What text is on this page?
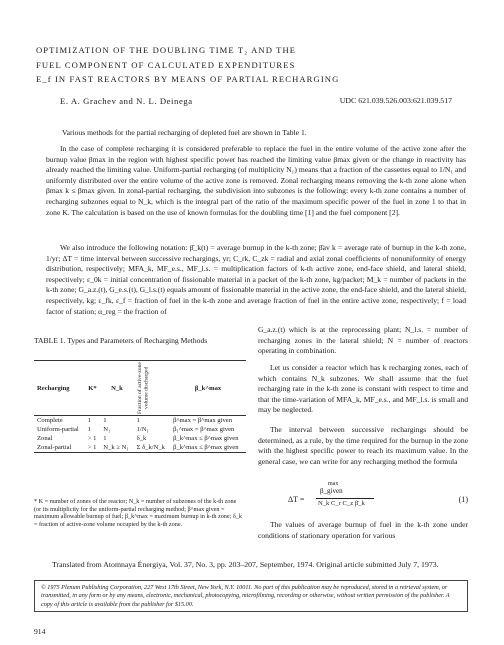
OPTIMIZATION OF THE DOUBLING TIME T₂ AND THE
FUEL COMPONENT OF CALCULATED EXPENDITURES
E_f IN FAST REACTORS BY MEANS OF PARTIAL RECHARGING
E. A. Grachev and N. L. Deinega	UDC 621.039.526.003:621.039.517

Various methods for the partial recharging of depleted fuel are shown in Table 1.

In the case of complete recharging it is considered preferable to replace the fuel in the entire volume of the active zone after the burnup value βmax in the region with highest specific power has reached the limiting value βmax given or the change in reactivity has already reached the limiting value. Uniform-partial recharging (of multiplicity N₁) means that a fraction of the cassettes equal to 1/N₁ and uniformly distributed over the entire volume of the active zone is removed. Zonal recharging means removing the k-th zone alone when βmax k ≤ βmax given. In zonal-partial recharging, the subdivision into subzones is the following: every k-th zone contains a number of recharging subzones equal to N_k, which is the integral part of the ratio of the maximum specific power of the fuel in zone 1 to that in zone K. The calculation is based on the use of known formulas for the doubling time [1] and the fuel component [2].

We also introduce the following notation: β̄_k(t) = average burnup in the k-th zone; β̄av k = average rate of burnup in the k-th zone, 1/yr; ΔT = time interval between successive rechargings, yr; C_rk, C_zk = radial and axial zonal coefficients of nonuniformity of energy distribution, respectively; MFA_k, MF_e.s., MF_l.s. = multiplication factors of k-th active zone, end-face shield, and lateral shield, respectively; ε_0k = initial concentration of fissionable material in a packet of the k-th zone, kg/packet; M_k = number of packets in the k-th zone; G_a.z.(t), G_e.s.(t), G_l.s.(t) equals amount of fissionable material in the active zone, the end-face shield, and the lateral shield, respectively, kg; ε_fk, ε_f = fraction of fuel in the k-th zone and average fraction of fuel in the entire active zone, respectively; f = load factor of station; α_reg = the fraction of

G_a.z.(t) which is at the reprocessing plant; N_l.s. = number of recharging zones in the lateral shield; N = number of reactors operating in combination.

Let us consider a reactor which has k recharging zones, each of which contains N_k subzones. We shall assume that the fuel recharging rate in the k-th zone is constant with respect to time and that the time-variation of MFA_k, MF_e.s., and MF_l.s. is small and may be neglected.

The interval between successive rechargings should be determined, as a rule, by the time required for the burnup in the zone with the highest specific power to reach its maximum value. In the general case, we can write for any recharging method the formula

ΔT =
max
β_given
N_k C_r C_z β̄_k	(1)

The values of average burnup of fuel in the k-th zone under conditions of stationary operation for various

TABLE 1. Types and Parameters of Recharging Methods
Recharging	K*	N_k	Fraction of active-zone volume discharged	β_k^max
Complete	1	1	1	β^max = β^max given
Uniform-partial	1	N₁	1/N₁	β₁^max = β^max given
Zonal	> 1	1	δ_k	β_k^max ≤ β^max given
Zonal-partial	> 1	N_k ≥ N₁	Σ δ_k/N_k	β_k^max ≤ β^max given
* K = number of zones of the reactor; N_k = number of subzones of the k-th zone (or its multiplicity for the uniform-partial recharging method; β^max given = maximum allowable burnup of fuel; β_k^max = maximum burnup in k-th zone; δ_k = fraction of active-zone volume occupied by the k-th zone.
Translated from Atomnaya Énergiya, Vol. 37, No. 3, pp. 203–207, September, 1974. Original article submitted July 7, 1973.
© 1975 Plenum Publishing Corporation, 227 West 17th Street, New York, N.Y. 10011. No part of this publication may be reproduced, stored in a retrieval system, or transmitted, in any form or by any means, electronic, mechanical, photocopying, microfilming, recording or otherwise, without written permission of the publisher. A copy of this article is available from the publisher for $15.00.
914
